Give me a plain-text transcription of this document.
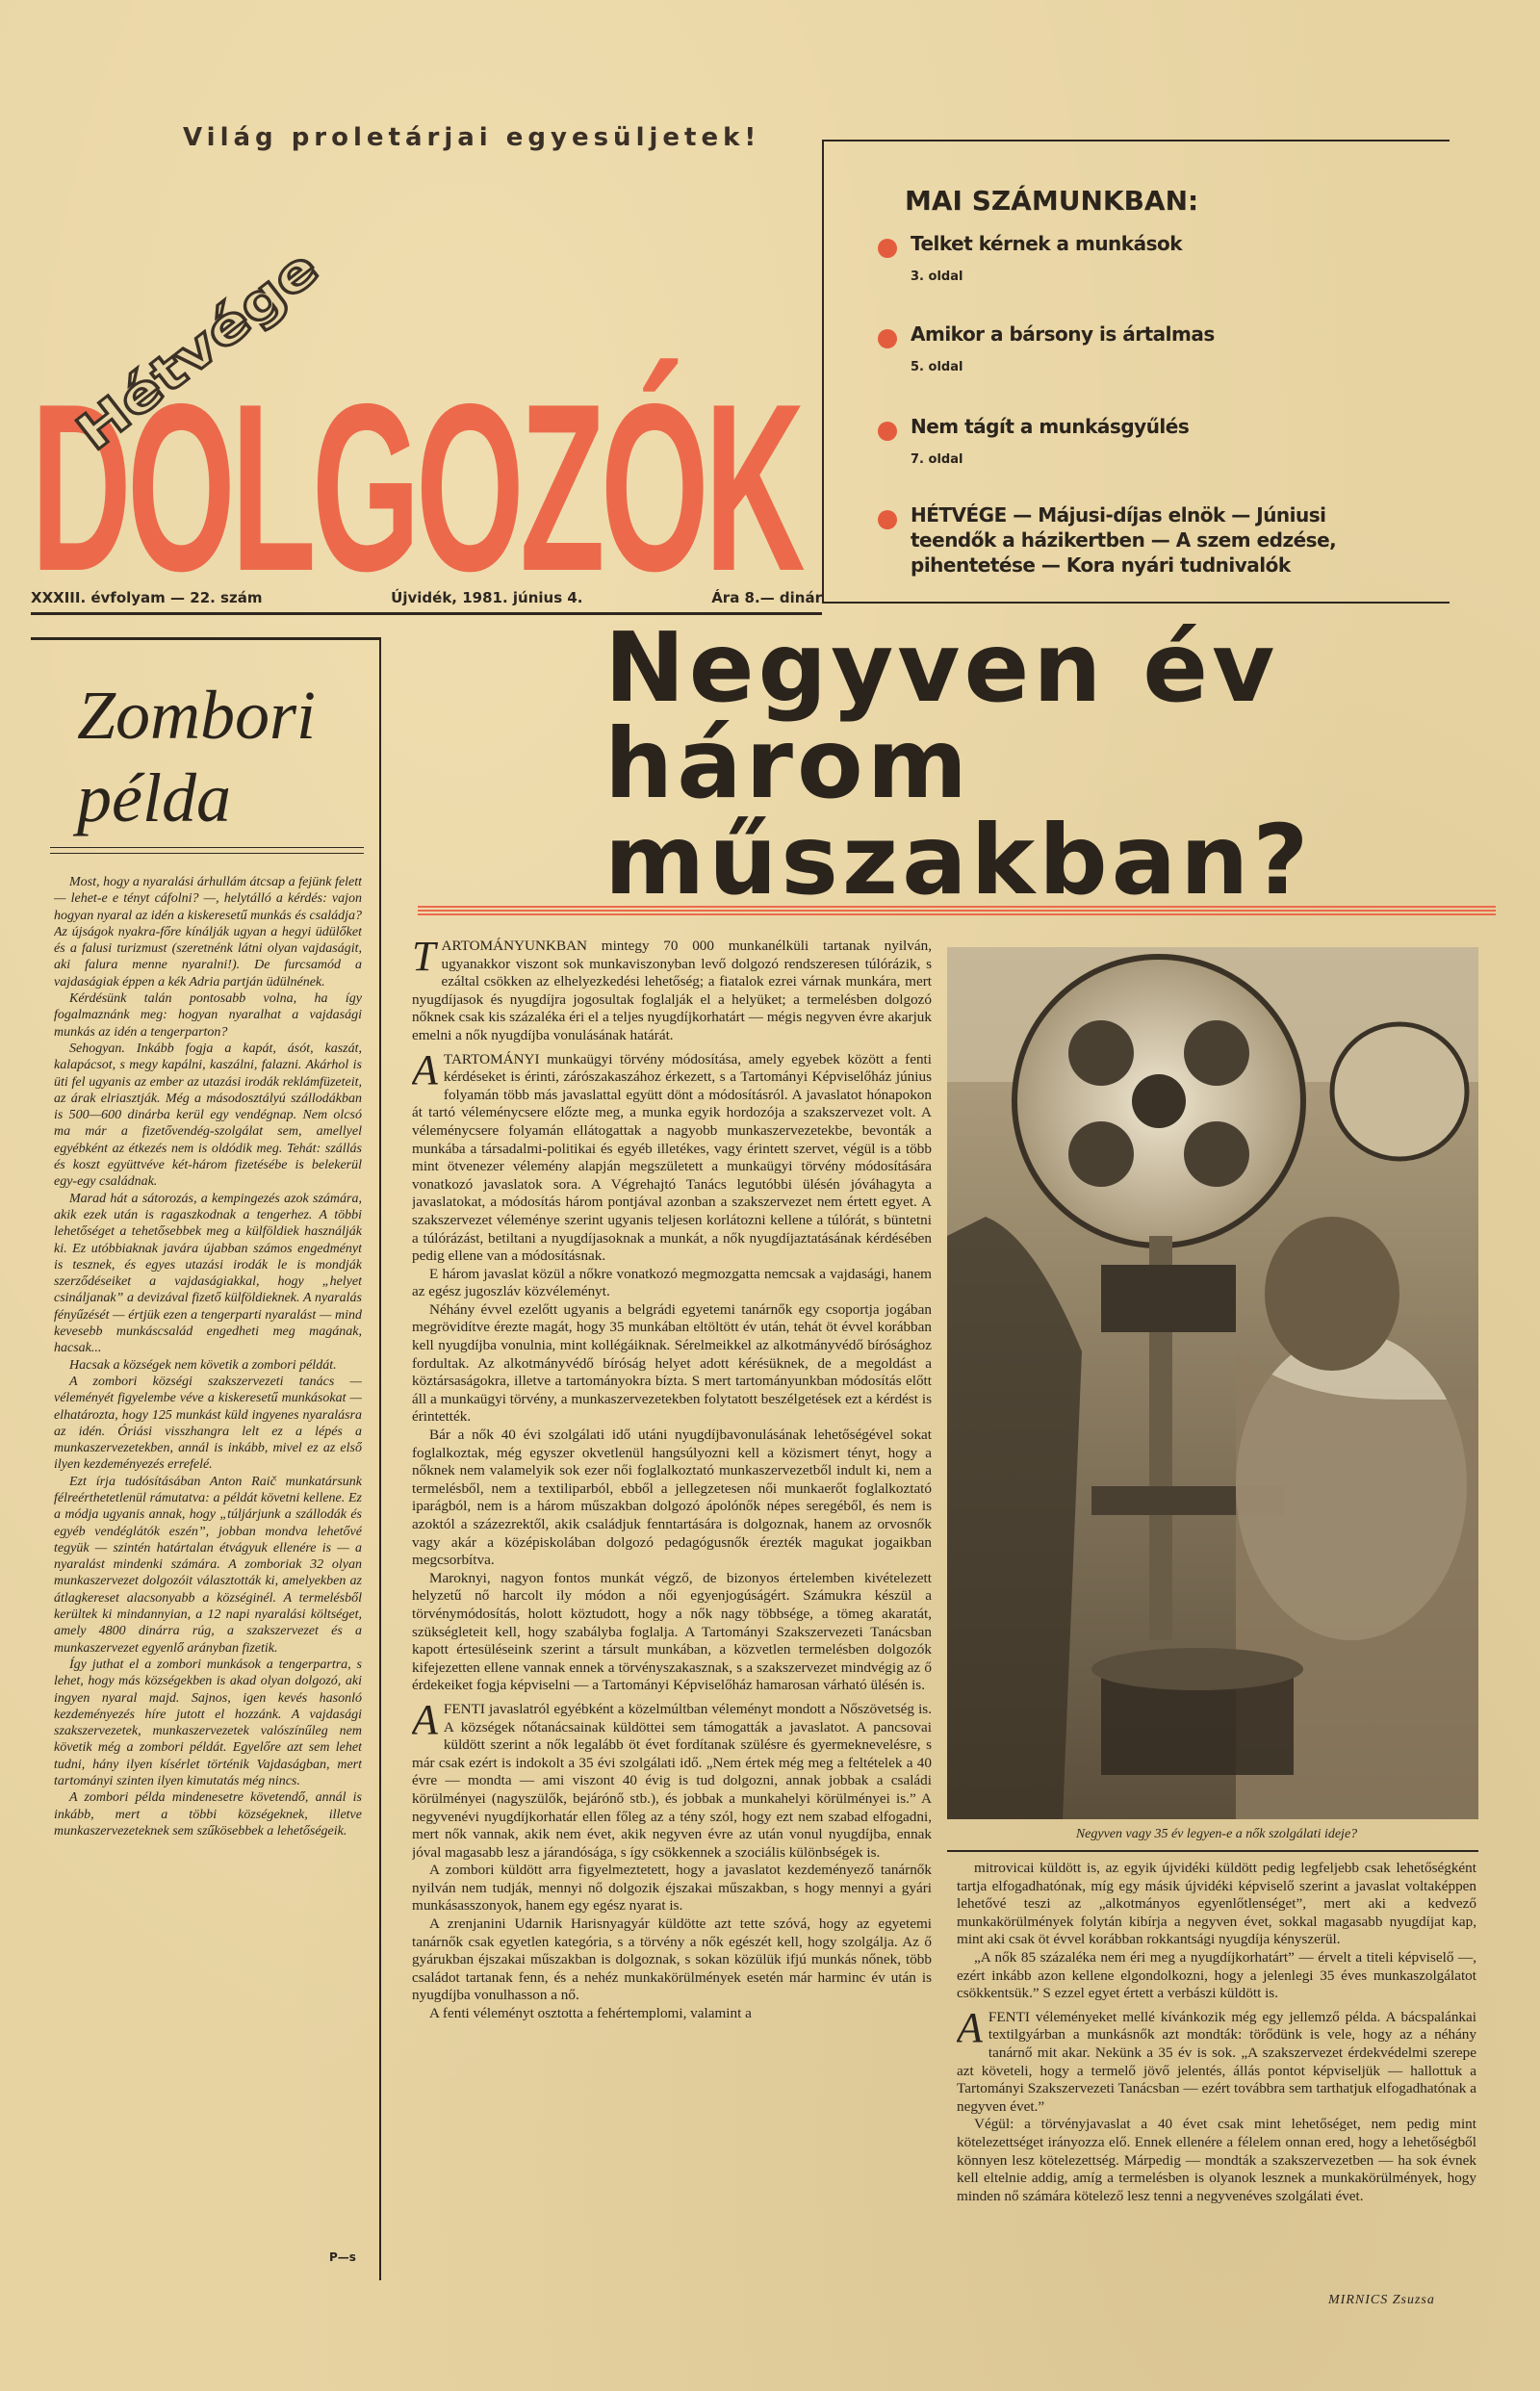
Világ proletárjai egyesüljetek!
DOLGOZÓK
Hétvége
XXXIII. évfolyam — 22. szám	Újvidék, 1981. június 4.	Ára 8.— dinár
MAI SZÁMUNKBAN:
Telket kérnek a munkások
3. oldal
Amikor a bársony is ártalmas
5. oldal
Nem tágít a munkásgyűlés
7. oldal
HÉTVÉGE — Májusi-díjas elnök — Júniusi teendők a házikertben — A szem edzése, pihentetése — Kora nyári tudnivalók
Zombori példa

Most, hogy a nyaralási árhullám átcsap a fejünk felett — lehet-e e tényt cáfolni? —, helytálló a kérdés: vajon hogyan nyaral az idén a kiskeresetű munkás és családja? Az újságok nyakra-főre kínálják ugyan a hegyi üdülőket és a falusi turizmust (szeretnénk látni olyan vajdaságit, aki falura menne nyaralni!). De furcsamód a vajdaságiak éppen a kék Adria partján üdülnének.

Kérdésünk talán pontosabb volna, ha így fogalmaznánk meg: hogyan nyaralhat a vajdasági munkás az idén a tengerparton?

Sehogyan. Inkább fogja a kapát, ásót, kaszát, kalapácsot, s megy kapálni, kaszálni, falazni. Akárhol is üti fel ugyanis az ember az utazási irodák reklámfüzeteit, az árak elriasztják. Még a másodosztályú szállodákban is 500—600 dinárba kerül egy vendégnap. Nem olcsó ma már a fizetővendég-szolgálat sem, amellyel egyébként az étkezés nem is oldódik meg. Tehát: szállás és koszt együttvéve két-három fizetésébe is belekerül egy-egy családnak.

Marad hát a sátorozás, a kempingezés azok számára, akik ezek után is ragaszkodnak a tengerhez. A többi lehetőséget a tehetősebbek meg a külföldiek használják ki. Ez utóbbiaknak javára újabban számos engedményt is tesznek, és egyes utazási irodák le is mondják szerződéseiket a vajdaságiakkal, hogy „helyet csináljanak” a devizával fizető külföldieknek. A nyaralás fényűzését — értjük ezen a tengerparti nyaralást — mind kevesebb munkáscsalád engedheti meg magának, hacsak...

Hacsak a községek nem követik a zombori példát.

A zombori községi szakszervezeti tanács — véleményét figyelembe véve a kiskeresetű munkásokat — elhatározta, hogy 125 munkást küld ingyenes nyaralásra az idén. Óriási visszhangra lelt ez a lépés a munkaszervezetekben, annál is inkább, mivel ez az első ilyen kezdeményezés errefelé.

Ezt írja tudósításában Anton Raič munkatársunk félreérthetetlenül rámutatva: a példát követni kellene. Ez a módja ugyanis annak, hogy „túljárjunk a szállodák és egyéb vendéglátók eszén”, jobban mondva lehetővé tegyük — szintén határtalan étvágyuk ellenére is — a nyaralást mindenki számára. A zomboriak 32 olyan munkaszervezet dolgozóit választották ki, amelyekben az átlagkereset alacsonyabb a községinél. A termelésből kerültek ki mindannyian, a 12 napi nyaralási költséget, amely 4800 dinárra rúg, a szakszervezet és a munkaszervezet egyenlő arányban fizetik.

Így juthat el a zombori munkások a tengerpartra, s lehet, hogy más községekben is akad olyan dolgozó, aki ingyen nyaral majd. Sajnos, igen kevés hasonló kezdeményezés híre jutott el hozzánk. A vajdasági szakszervezetek, munkaszervezetek valószínűleg nem követik még a zombori példát. Egyelőre azt sem lehet tudni, hány ilyen kísérlet történik Vajdaságban, mert tartományi szinten ilyen kimutatás még nincs.

A zombori példa mindenesetre követendő, annál is inkább, mert a többi községeknek, illetve munkaszervezeteknek sem szűkösebbek a lehetőségeik.

P—s
Negyven év
három
műszakban?

TARTOMÁNYUNKBAN mintegy 70 000 munkanélküli tartanak nyilván, ugyanakkor viszont sok munkaviszonyban levő dolgozó rendszeresen túlórázik, s ezáltal csökken az elhelyezkedési lehetőség; a fiatalok ezrei várnak munkára, mert nyugdíjasok és nyugdíjra jogosultak foglalják el a helyüket; a termelésben dolgozó nőknek csak kis százaléka éri el a teljes nyugdíjkorhatárt — mégis negyven évre akarjuk emelni a nők nyugdíjba vonulásának határát.

A TARTOMÁNYI munkaügyi törvény módosítása, amely egyebek között a fenti kérdéseket is érinti, zárószakaszához érkezett, s a Tartományi Képviselőház június folyamán több más javaslattal együtt dönt a módosításról. A javaslatot hónapokon át tartó véleménycsere előzte meg, a munka egyik hordozója a szakszervezet volt. A véleménycsere folyamán ellátogattak a nagyobb munkaszervezetekbe, bevonták a munkába a társadalmi-politikai és egyéb illetékes, vagy érintett szervet, végül is a több mint ötvenezer vélemény alapján megszületett a munkaügyi törvény módosítására vonatkozó javaslatok sora. A Végrehajtó Tanács legutóbbi ülésén jóváhagyta a javaslatokat, a módosítás három pontjával azonban a szakszervezet nem értett egyet. A szakszervezet véleménye szerint ugyanis teljesen korlátozni kellene a túlórát, s büntetni a túlórázást, betiltani a nyugdíjasoknak a munkát, a nők nyugdíjaztatásának kérdésében pedig ellene van a módosításnak.

E három javaslat közül a nőkre vonatkozó megmozgatta nemcsak a vajdasági, hanem az egész jugoszláv közvéleményt.

Néhány évvel ezelőtt ugyanis a belgrádi egyetemi tanárnők egy csoportja jogában megrövidítve érezte magát, hogy 35 munkában eltöltött év után, tehát öt évvel korábban kell nyugdíjba vonulnia, mint kollégáiknak. Sérelmeikkel az alkotmányvédő bírósághoz fordultak. Az alkotmányvédő bíróság helyet adott kérésüknek, de a megoldást a köztársaságokra, illetve a tartományokra bízta. S mert tartományunkban módosítás előtt áll a munkaügyi törvény, a munkaszervezetekben folytatott beszélgetések ezt a kérdést is érintették.

Bár a nők 40 évi szolgálati idő utáni nyugdíjbavonulásának lehetőségével sokat foglalkoztak, még egyszer okvetlenül hangsúlyozni kell a közismert tényt, hogy a nőknek nem valamelyik sok ezer női foglalkoztató munkaszervezetből indult ki, nem a termelésből, nem a textiliparból, ebből a jellegzetesen női munkaerőt foglalkoztató iparágból, nem is a három műszakban dolgozó ápolónők népes seregéből, és nem is azoktól a százezrektől, akik családjuk fenntartására is dolgoznak, hanem az orvosnők vagy akár a középiskolában dolgozó pedagógusnők érezték magukat jogaikban megcsorbítva.

Maroknyi, nagyon fontos munkát végző, de bizonyos értelemben kivételezett helyzetű nő harcolt ily módon a női egyenjogúságért. Számukra készül a törvénymódosítás, holott köztudott, hogy a nők nagy többsége, a tömeg akaratát, szükségleteit kell, hogy szabályba foglalja. A Tartományi Szakszervezeti Tanácsban kapott értesüléseink szerint a társult munkában, a közvetlen termelésben dolgozók kifejezetten ellene vannak ennek a törvényszakasznak, s a szakszervezet mindvégig az ő érdekeiket fogja képviselni — a Tartományi Képviselőház hamarosan várható ülésén is.

A FENTI javaslatról egyébként a közelmúltban véleményt mondott a Nőszövetség is. A községek nőtanácsainak küldöttei sem támogatták a javaslatot. A pancsovai küldött szerint a nők legalább öt évet fordítanak szülésre és gyermeknevelésre, s már csak ezért is indokolt a 35 évi szolgálati idő. „Nem értek még meg a feltételek a 40 évre — mondta — ami viszont 40 évig is tud dolgozni, annak jobbak a családi körülményei (nagyszülők, bejárónő stb.), és jobbak a munkahelyi körülményei is.” A negyvenévi nyugdíjkorhatár ellen főleg az a tény szól, hogy ezt nem szabad elfogadni, mert nők vannak, akik nem évet, akik negyven évre az után vonul nyugdíjba, ennak jóval magasabb lesz a járandósága, s így csökkennek a szociális különbségek is.

A zombori küldött arra figyelmeztetett, hogy a javaslatot kezdeményező tanárnők nyilván nem tudják, mennyi nő dolgozik éjszakai műszakban, s hogy mennyi a gyári munkásasszonyok, hanem egy egész nyarat is.

A zrenjanini Udarnik Harisnyagyár küldötte azt tette szóvá, hogy az egyetemi tanárnők csak egyetlen kategória, s a törvény a nők egészét kell, hogy szolgálja. Az ő gyárukban éjszakai műszakban is dolgoznak, s sokan közülük ifjú munkás nőnek, több családot tartanak fenn, és a nehéz munkakörülmények esetén már harminc év után is nyugdíjba vonulhasson a nő.

A fenti véleményt osztotta a fehértemplomi, valamint a

Negyven vagy 35 év legyen-e a nők szolgálati ideje?

mitrovicai küldött is, az egyik újvidéki küldött pedig legfeljebb csak lehetőségként tartja elfogadhatónak, míg egy másik újvidéki képviselő szerint a javaslat voltaképpen lehetővé teszi az „alkotmányos egyenlőtlenséget”, mert aki a kedvező munkakörülmények folytán kibírja a negyven évet, sokkal magasabb nyugdíjat kap, mint aki csak öt évvel korábban rokkantsági nyugdíja kényszerül.

„A nők 85 százaléka nem éri meg a nyugdíjkorhatárt” — érvelt a titeli képviselő —, ezért inkább azon kellene elgondolkozni, hogy a jelenlegi 35 éves munkaszolgálatot csökkentsük.” S ezzel egyet értett a verbászi küldött is.

A FENTI véleményeket mellé kívánkozik még egy jellemző példa. A bácspalánkai textilgyárban a munkásnők azt mondták: törődünk is vele, hogy az a néhány tanárnő mit akar. Nekünk a 35 év is sok. „A szakszervezet érdekvédelmi szerepe azt követeli, hogy a termelő jövő jelentés, állás pontot képviseljük — hallottuk a Tartományi Szakszervezeti Tanácsban — ezért továbbra sem tarthatjuk elfogadhatónak a negyven évet.”

Végül: a törvényjavaslat a 40 évet csak mint lehetőséget, nem pedig mint kötelezettséget irányozza elő. Ennek ellenére a félelem onnan ered, hogy a lehetőségből könnyen lesz kötelezettség. Márpedig — mondták a szakszervezetben — ha sok évnek kell eltelnie addig, amíg a termelésben is olyanok lesznek a munkakörülmények, hogy minden nő számára kötelező lesz tenni a negyvenéves szolgálati évet.

MIRNICS Zsuzsa
